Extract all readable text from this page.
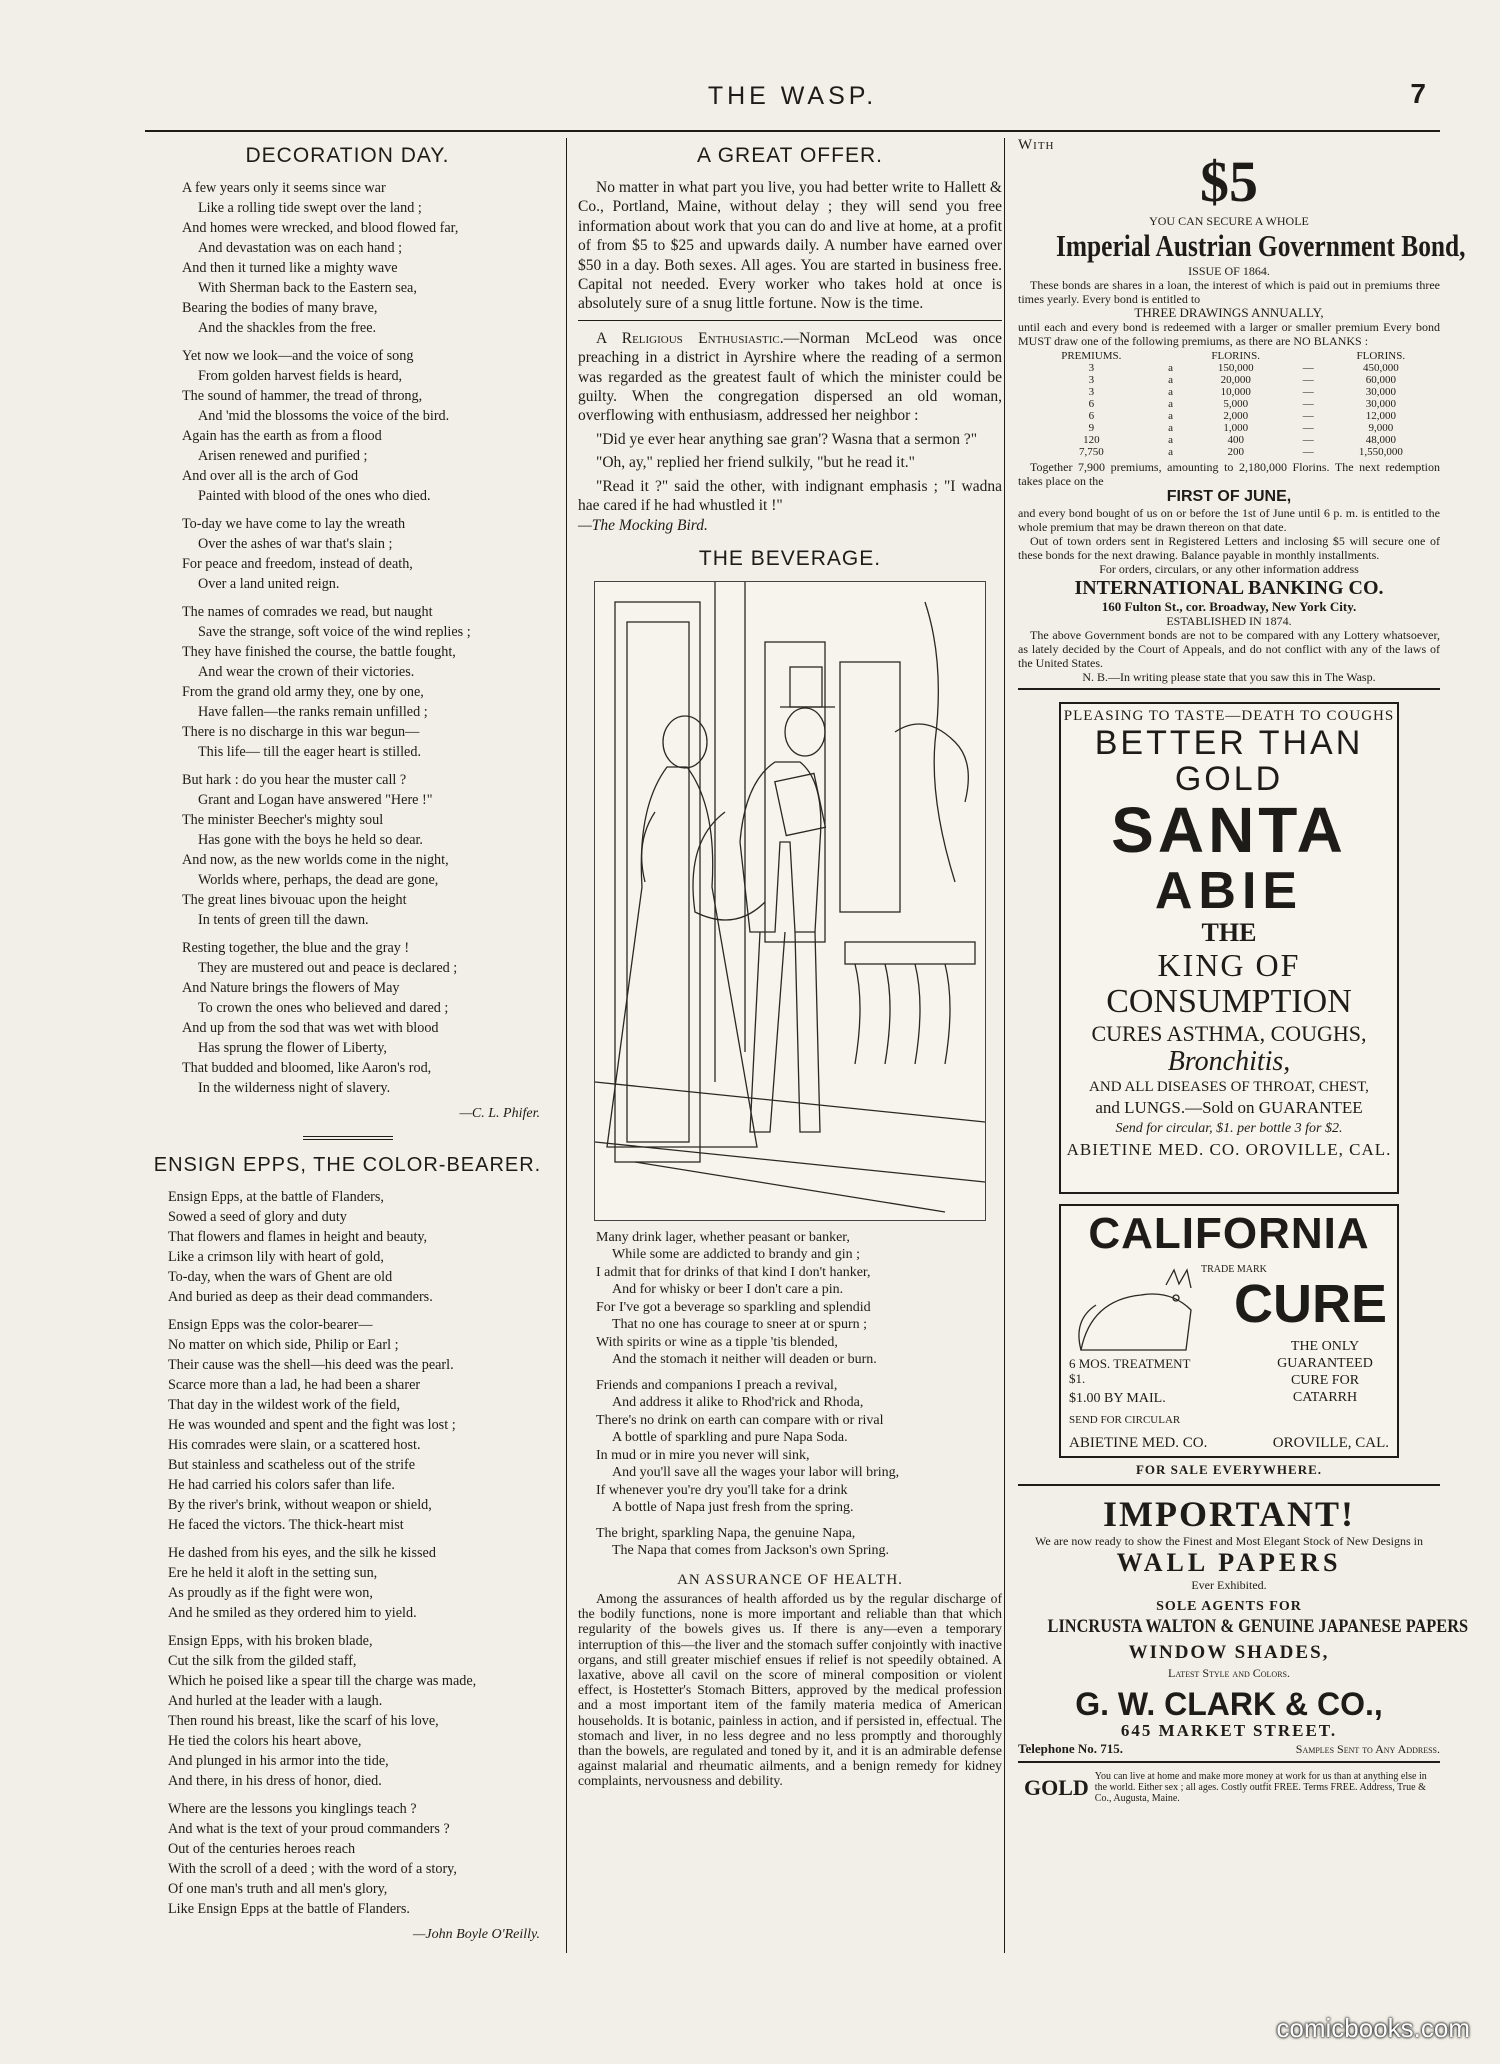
THE WASP.	7
DECORATION DAY.
A few years only it seems since war
Like a rolling tide swept over the land ;
And homes were wrecked, and blood flowed far,
And devastation was on each hand ;
And then it turned like a mighty wave
With Sherman back to the Eastern sea,
Bearing the bodies of many brave,
And the shackles from the free.
Yet now we look—and the voice of song
From golden harvest fields is heard,
The sound of hammer, the tread of throng,
And 'mid the blossoms the voice of the bird.
Again has the earth as from a flood
Arisen renewed and purified ;
And over all is the arch of God
Painted with blood of the ones who died.
To-day we have come to lay the wreath
Over the ashes of war that's slain ;
For peace and freedom, instead of death,
Over a land united reign.
The names of comrades we read, but naught
Save the strange, soft voice of the wind replies ;
They have finished the course, the battle fought,
And wear the crown of their victories.
From the grand old army they, one by one,
Have fallen—the ranks remain unfilled ;
There is no discharge in this war begun—
This life— till the eager heart is stilled.
But hark : do you hear the muster call ?
Grant and Logan have answered "Here !"
The minister Beecher's mighty soul
Has gone with the boys he held so dear.
And now, as the new worlds come in the night,
Worlds where, perhaps, the dead are gone,
The great lines bivouac upon the height
In tents of green till the dawn.
Resting together, the blue and the gray !
They are mustered out and peace is declared ;
And Nature brings the flowers of May
To crown the ones who believed and dared ;
And up from the sod that was wet with blood
Has sprung the flower of Liberty,
That budded and bloomed, like Aaron's rod,
In the wilderness night of slavery.
—C. L. Phifer.
ENSIGN EPPS, THE COLOR-BEARER.
Ensign Epps, at the battle of Flanders,
Sowed a seed of glory and duty
That flowers and flames in height and beauty,
Like a crimson lily with heart of gold,
To-day, when the wars of Ghent are old
And buried as deep as their dead commanders.
Ensign Epps was the color-bearer—
No matter on which side, Philip or Earl ;
Their cause was the shell—his deed was the pearl.
Scarce more than a lad, he had been a sharer
That day in the wildest work of the field,
He was wounded and spent and the fight was lost ;
His comrades were slain, or a scattered host.
But stainless and scatheless out of the strife
He had carried his colors safer than life.
By the river's brink, without weapon or shield,
He faced the victors. The thick-heart mist
He dashed from his eyes, and the silk he kissed
Ere he held it aloft in the setting sun,
As proudly as if the fight were won,
And he smiled as they ordered him to yield.
Ensign Epps, with his broken blade,
Cut the silk from the gilded staff,
Which he poised like a spear till the charge was made,
And hurled at the leader with a laugh.
Then round his breast, like the scarf of his love,
He tied the colors his heart above,
And plunged in his armor into the tide,
And there, in his dress of honor, died.
Where are the lessons you kinglings teach ?
And what is the text of your proud commanders ?
Out of the centuries heroes reach
With the scroll of a deed ; with the word of a story,
Of one man's truth and all men's glory,
Like Ensign Epps at the battle of Flanders.
—John Boyle O'Reilly.
A GREAT OFFER.

No matter in what part you live, you had better write to Hallett & Co., Portland, Maine, without delay ; they will send you free information about work that you can do and live at home, at a profit of from $5 to $25 and upwards daily. A number have earned over $50 in a day. Both sexes. All ages. You are started in business free. Capital not needed. Every worker who takes hold at once is absolutely sure of a snug little fortune. Now is the time.

A Religious Enthusiastic.—Norman McLeod was once preaching in a district in Ayrshire where the reading of a sermon was regarded as the greatest fault of which the minister could be guilty. When the congregation dispersed an old woman, overflowing with enthusiasm, addressed her neighbor :

"Did ye ever hear anything sae gran'? Wasna that a sermon ?"

"Oh, ay," replied her friend sulkily, "but he read it."

"Read it ?" said the other, with indignant emphasis ; "I wadna hae cared if he had whustled it !"
—The Mocking Bird.

THE BEVERAGE.
Many drink lager, whether peasant or banker,
While some are addicted to brandy and gin ;
I admit that for drinks of that kind I don't hanker,
And for whisky or beer I don't care a pin.
For I've got a beverage so sparkling and splendid
That no one has courage to sneer at or spurn ;
With spirits or wine as a tipple 'tis blended,
And the stomach it neither will deaden or burn.
Friends and companions I preach a revival,
And address it alike to Rhod'rick and Rhoda,
There's no drink on earth can compare with or rival
A bottle of sparkling and pure Napa Soda.
In mud or in mire you never will sink,
And you'll save all the wages your labor will bring,
If whenever you're dry you'll take for a drink
A bottle of Napa just fresh from the spring.
The bright, sparkling Napa, the genuine Napa,
The Napa that comes from Jackson's own Spring.
AN ASSURANCE OF HEALTH.

Among the assurances of health afforded us by the regular discharge of the bodily functions, none is more important and reliable than that which regularity of the bowels gives us. If there is any—even a temporary interruption of this—the liver and the stomach suffer conjointly with inactive organs, and still greater mischief ensues if relief is not speedily obtained. A laxative, above all cavil on the score of mineral composition or violent effect, is Hostetter's Stomach Bitters, approved by the medical profession and a most important item of the family materia medica of American households. It is botanic, painless in action, and if persisted in, effectual. The stomach and liver, in no less degree and no less promptly and thoroughly than the bowels, are regulated and toned by it, and it is an admirable defense against malarial and rheumatic ailments, and a benign remedy for kidney complaints, nervousness and debility.

With
$5
YOU CAN SECURE A WHOLE
Imperial Austrian Government Bond,
ISSUE OF 1864.

These bonds are shares in a loan, the interest of which is paid out in premiums three times yearly. Every bond is entitled to

THREE DRAWINGS ANNUALLY,

until each and every bond is redeemed with a larger or smaller premium Every bond MUST draw one of the following premiums, as there are NO BLANKS :

PREMIUMS.		FLORINS.		FLORINS.
3	a	150,000	—	450,000
3	a	20,000	—	60,000
3	a	10,000	—	30,000
6	a	5,000	—	30,000
6	a	2,000	—	12,000
9	a	1,000	—	9,000
120	a	400	—	48,000
7,750	a	200	—	1,550,000

Together 7,900 premiums, amounting to 2,180,000 Florins. The next redemption takes place on the

FIRST OF JUNE,

and every bond bought of us on or before the 1st of June until 6 p. m. is entitled to the whole premium that may be drawn thereon on that date.

Out of town orders sent in Registered Letters and inclosing $5 will secure one of these bonds for the next drawing. Balance payable in monthly installments.

For orders, circulars, or any other information address
INTERNATIONAL BANKING CO.
160 Fulton St., cor. Broadway, New York City.
ESTABLISHED IN 1874.

The above Government bonds are not to be compared with any Lottery whatsoever, as lately decided by the Court of Appeals, and do not conflict with any of the laws of the United States.

N. B.—In writing please state that you saw this in The Wasp.
PLEASING TO TASTE—DEATH TO COUGHS
BETTER THAN GOLD
SANTA
ABIE
THE
KING OF
CONSUMPTION
CURES ASTHMA, COUGHS,
Bronchitis,
AND ALL DISEASES OF THROAT, CHEST,
and LUNGS.—Sold on GUARANTEE
Send for circular, $1. per bottle 3 for $2.
ABIETINE MED. CO. OROVILLE, CAL.
CALIFORNIA
TRADE MARK
CURE
6 MOS. TREATMENT $1.
$1.00 BY MAIL.
SEND FOR CIRCULAR
THE ONLY GUARANTEED CURE FOR CATARRH
ABIETINE MED. CO.	OROVILLE, CAL.
FOR SALE EVERYWHERE.
IMPORTANT!
We are now ready to show the Finest and Most Elegant Stock of New Designs in
WALL PAPERS
Ever Exhibited.
SOLE AGENTS FOR
LINCRUSTA WALTON & GENUINE JAPANESE PAPERS
WINDOW SHADES,
Latest Style and Colors.
G. W. CLARK & CO.,
645 MARKET STREET.
Telephone No. 715.	Samples Sent to Any Address.
GOLD You can live at home and make more money at work for us than at anything else in the world. Either sex ; all ages. Costly outfit FREE. Terms FREE. Address, True & Co., Augusta, Maine.
comicbooks.com
